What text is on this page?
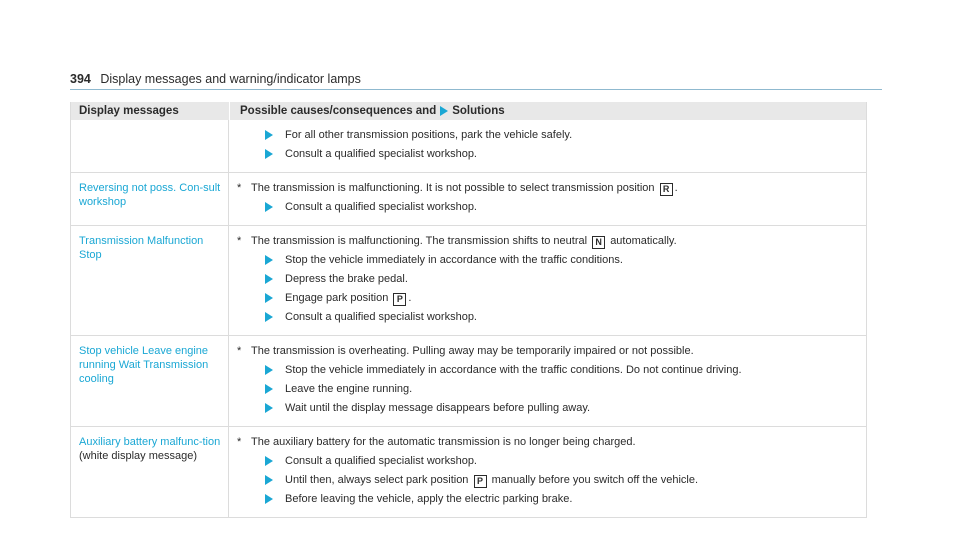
394 Display messages and warning/indicator lamps
Display messages	Possible causes/consequences and Solutions
For all other transmission positions, park the vehicle safely.
Consult a qualified specialist workshop.
Reversing not poss. Con-sult workshop
* The transmission is malfunctioning. It is not possible to select transmission position R .
Consult a qualified specialist workshop.
Transmission Malfunction Stop
* The transmission is malfunctioning. The transmission shifts to neutral N automatically.
Stop the vehicle immediately in accordance with the traffic conditions.
Depress the brake pedal.
Engage park position P .
Consult a qualified specialist workshop.
Stop vehicle Leave engine running Wait Transmission cooling
* The transmission is overheating. Pulling away may be temporarily impaired or not possible.
Stop the vehicle immediately in accordance with the traffic conditions. Do not continue driving.
Leave the engine running.
Wait until the display message disappears before pulling away.
Auxiliary battery malfunc-tion (white display message)
* The auxiliary battery for the automatic transmission is no longer being charged.
Consult a qualified specialist workshop.
Until then, always select park position P manually before you switch off the vehicle.
Before leaving the vehicle, apply the electric parking brake.
